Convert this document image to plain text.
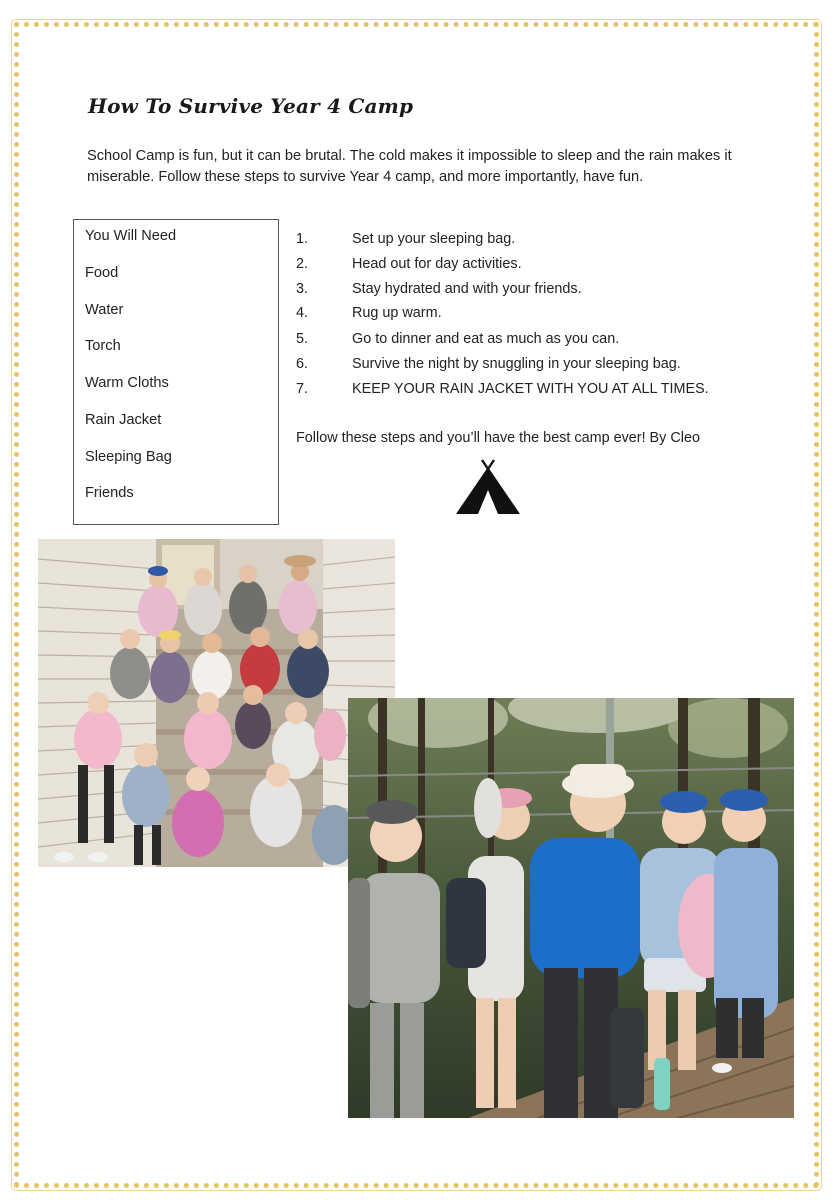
How To Survive Year 4 Camp

School Camp is fun, but it can be brutal. The cold makes it impossible to sleep and the rain makes it miserable. Follow these steps to survive Year 4 camp, and more importantly, have fun.

You Will Need
Food
Water
Torch
Warm Cloths
Rain Jacket
Sleeping Bag
Friends
1.	Set up your sleeping bag.
2.	Head out for day activities.
3.	Stay hydrated and with your friends.
4.	Rug up warm.
5.	Go to dinner and eat as much as you can.
6.	Survive the night by snuggling in your sleeping bag.
7.	KEEP YOUR RAIN JACKET WITH YOU AT ALL TIMES.

Follow these steps and you’ll have the best camp ever! By Cleo
